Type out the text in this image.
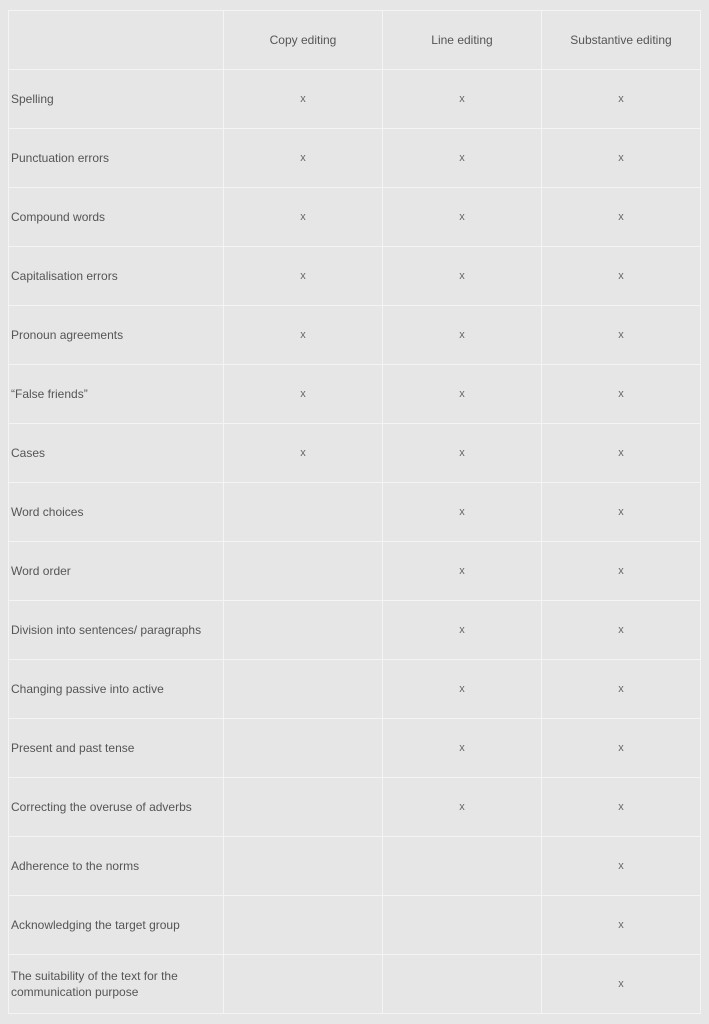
	Copy editing	Line editing	Substantive editing
Spelling	x	x	x
Punctuation errors	x	x	x
Compound words	x	x	x
Capitalisation errors	x	x	x
Pronoun agreements	x	x	x
“False friends”	x	x	x
Cases	x	x	x
Word choices		x	x
Word order		x	x
Division into sentences/ paragraphs		x	x
Changing passive into active		x	x
Present and past tense		x	x
Correcting the overuse of adverbs		x	x
Adherence to the norms			x
Acknowledging the target group			x
The suitability of the text for the communication purpose			x
